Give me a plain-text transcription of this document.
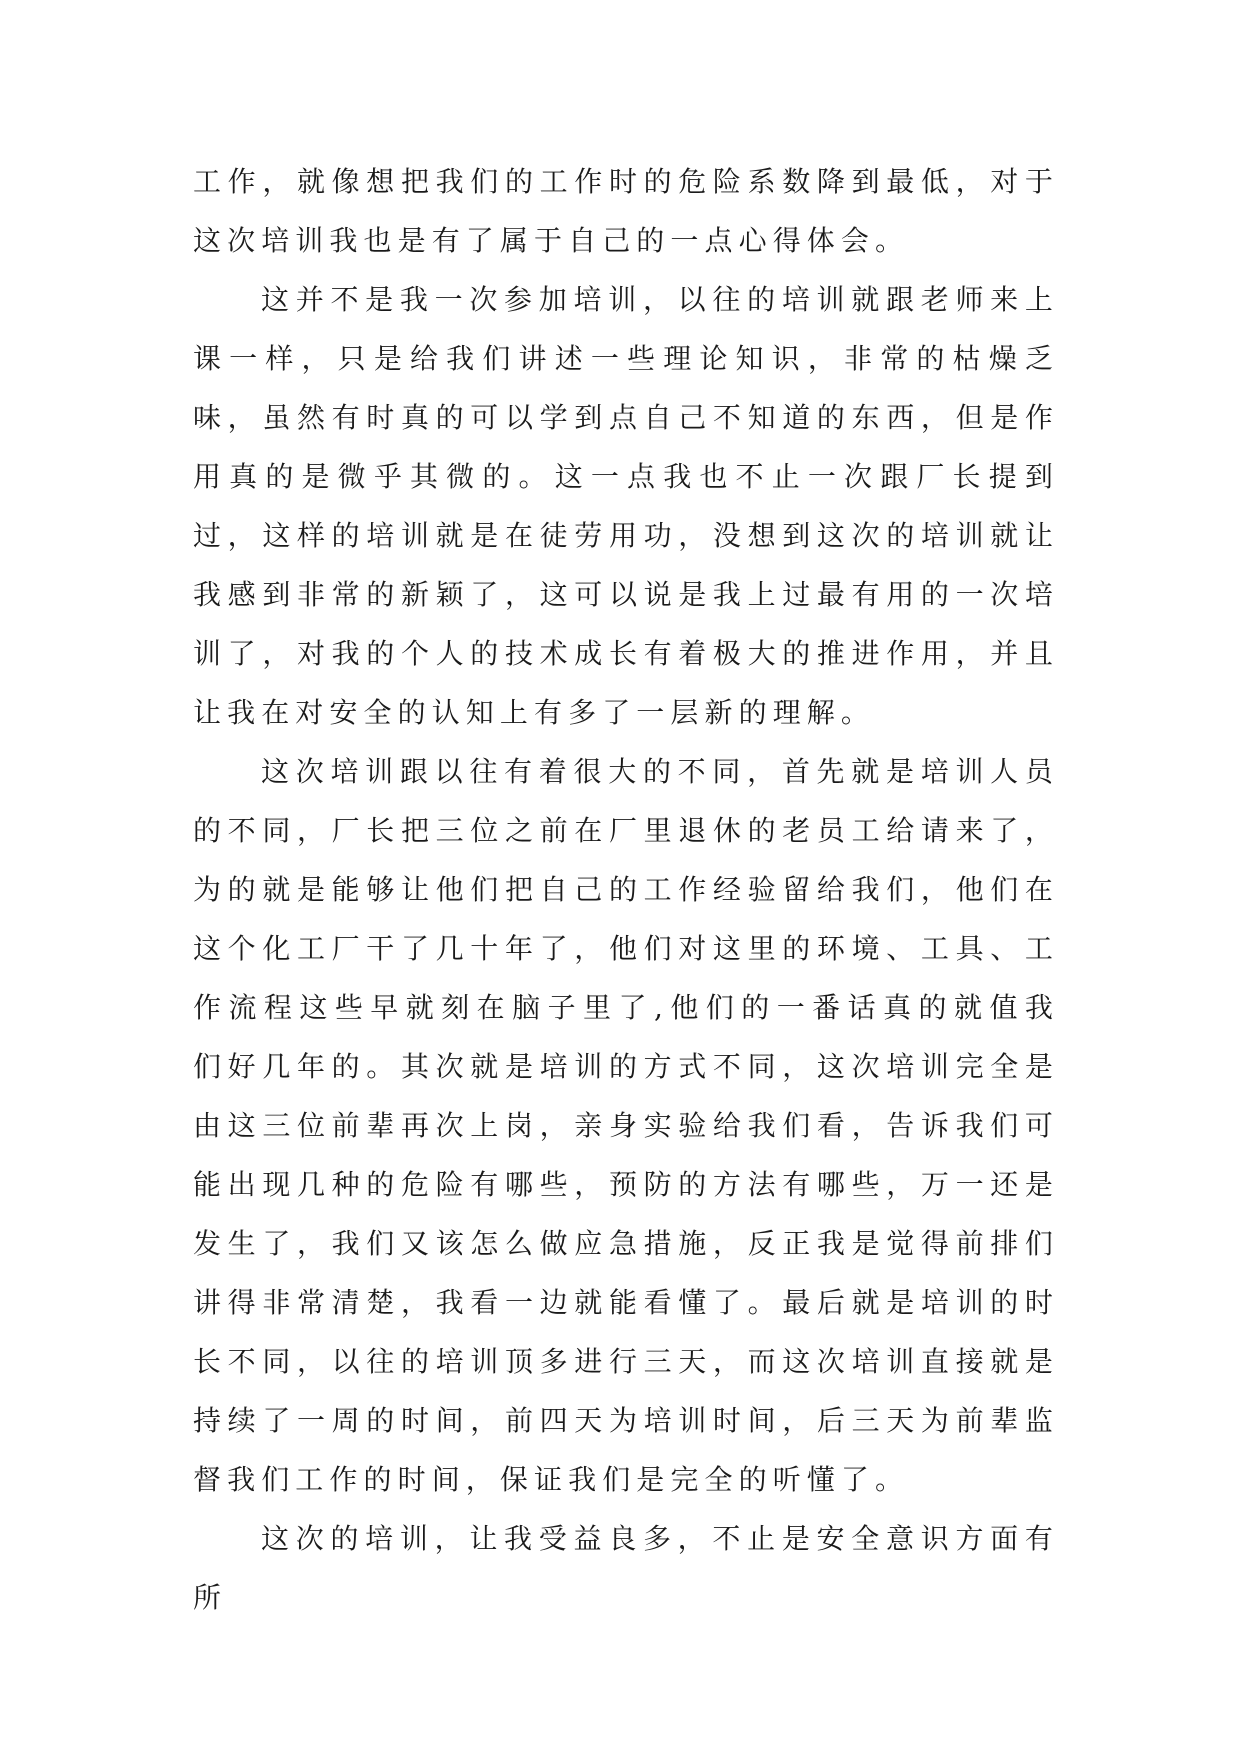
工作，就像想把我们的工作时的危险系数降到最低，对于这次培训我也是有了属于自己的一点心得体会。

这并不是我一次参加培训，以往的培训就跟老师来上课一样，只是给我们讲述一些理论知识，非常的枯燥乏味，虽然有时真的可以学到点自己不知道的东西，但是作用真的是微乎其微的。这一点我也不止一次跟厂长提到过，这样的培训就是在徒劳用功，没想到这次的培训就让我感到非常的新颖了，这可以说是我上过最有用的一次培训了，对我的个人的技术成长有着极大的推进作用，并且让我在对安全的认知上有多了一层新的理解。

这次培训跟以往有着很大的不同，首先就是培训人员的不同，厂长把三位之前在厂里退休的老员工给请来了，为的就是能够让他们把自己的工作经验留给我们，他们在这个化工厂干了几十年了，他们对这里的环境、工具、工作流程这些早就刻在脑子里了,他们的一番话真的就值我们好几年的。其次就是培训的方式不同，这次培训完全是由这三位前辈再次上岗，亲身实验给我们看，告诉我们可能出现几种的危险有哪些，预防的方法有哪些，万一还是发生了，我们又该怎么做应急措施，反正我是觉得前排们讲得非常清楚，我看一边就能看懂了。最后就是培训的时长不同，以往的培训顶多进行三天，而这次培训直接就是持续了一周的时间，前四天为培训时间，后三天为前辈监督我们工作的时间，保证我们是完全的听懂了。

这次的培训，让我受益良多，不止是安全意识方面有所
